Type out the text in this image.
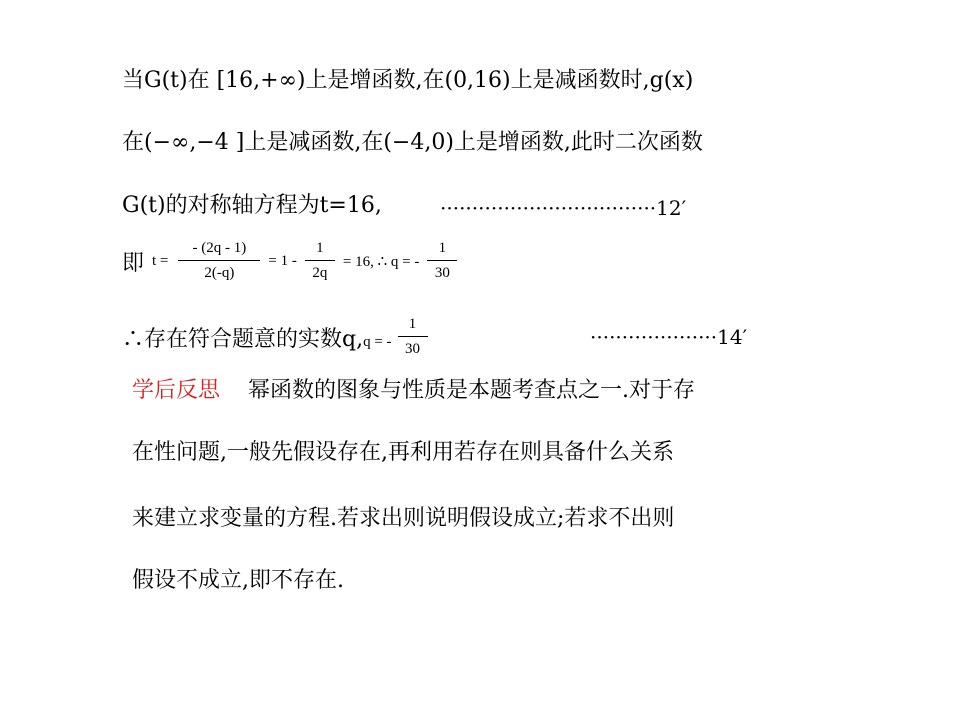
当G(t)在 [16,+∞)上是增函数,在(0,16)上是减函数时,g(x)
在(−∞,−4 ]上是减函数,在(−4,0)上是增函数,此时二次函数
G(t)的对称轴方程为t=16,	··································12′
即 $t = \frac{- (2q - 1)}{2(-q)} = 1 - \frac{1}{2q} = 16$, ∴ q = - $\frac{1}{30}$
∴存在符合题意的实数q, q = - $\frac{1}{30}$	····················14′
学后反思 幂函数的图象与性质是本题考查点之一.对于存
在性问题,一般先假设存在,再利用若存在则具备什么关系
来建立求变量的方程.若求出则说明假设成立;若求不出则
假设不成立,即不存在.
